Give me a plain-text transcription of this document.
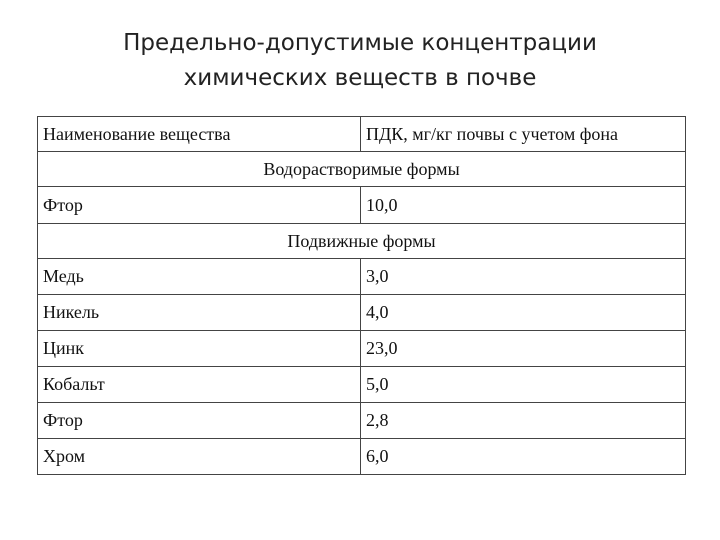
Предельно-допустимые концентрации
химических веществ в почве
Наименование вещества	ПДК, мг/кг почвы с учетом фона
Водорастворимые формы	
Фтор	10,0
Подвижные формы	
Медь	3,0
Никель	4,0
Цинк	23,0
Кобальт	5,0
Фтор	2,8
Хром	6,0
